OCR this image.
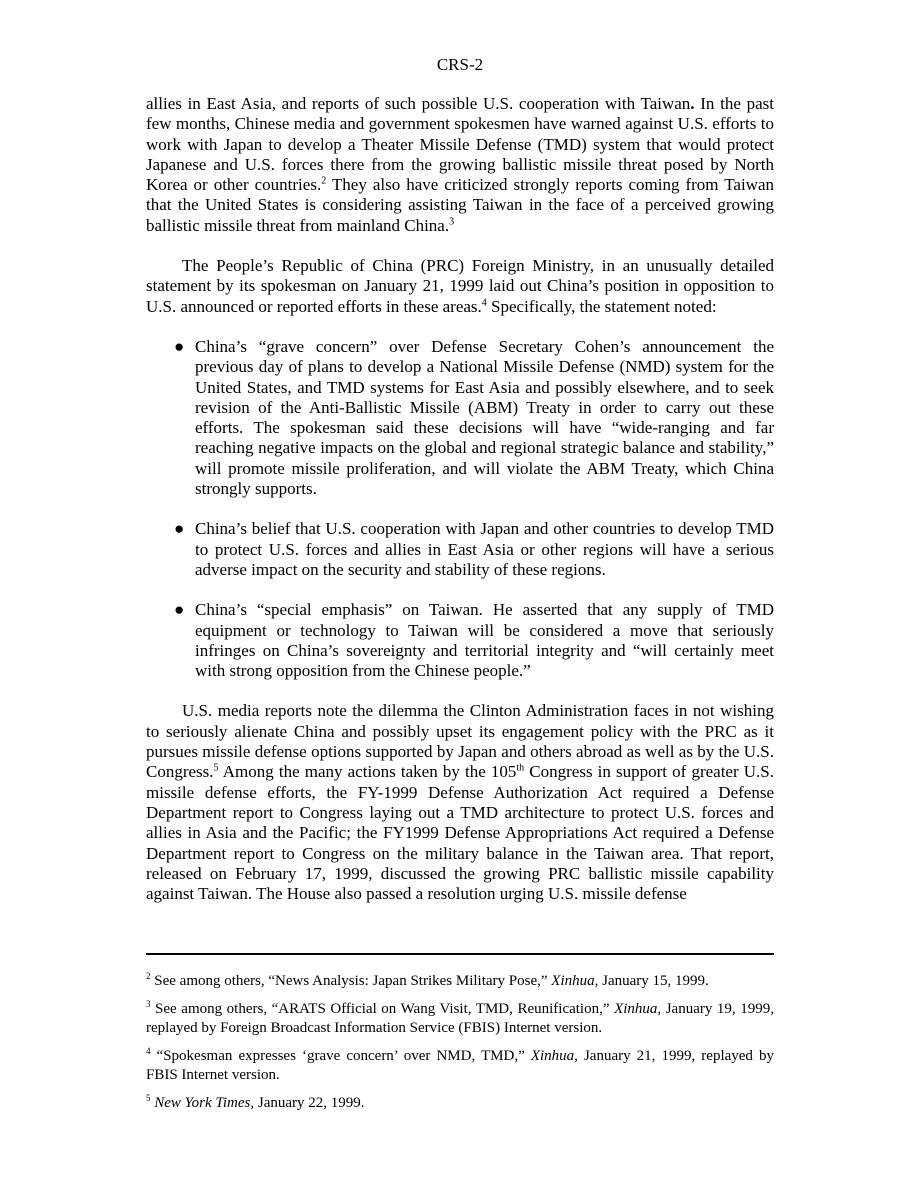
CRS-2

allies in East Asia, and reports of such possible U.S. cooperation with Taiwan. In the past few months, Chinese media and government spokesmen have warned against U.S. efforts to work with Japan to develop a Theater Missile Defense (TMD) system that would protect Japanese and U.S. forces there from the growing ballistic missile threat posed by North Korea or other countries.$^2$ They also have criticized strongly reports coming from Taiwan that the United States is considering assisting Taiwan in the face of a perceived growing ballistic missile threat from mainland China.$^3$

The People’s Republic of China (PRC) Foreign Ministry, in an unusually detailed statement by its spokesman on January 21, 1999 laid out China’s position in opposition to U.S. announced or reported efforts in these areas.$^4$ Specifically, the statement noted:

● China’s “grave concern” over Defense Secretary Cohen’s announcement the previous day of plans to develop a National Missile Defense (NMD) system for the United States, and TMD systems for East Asia and possibly elsewhere, and to seek revision of the Anti-Ballistic Missile (ABM) Treaty in order to carry out these efforts. The spokesman said these decisions will have “wide-ranging and far reaching negative impacts on the global and regional strategic balance and stability,” will promote missile proliferation, and will violate the ABM Treaty, which China strongly supports.
● China’s belief that U.S. cooperation with Japan and other countries to develop TMD to protect U.S. forces and allies in East Asia or other regions will have a serious adverse impact on the security and stability of these regions.
● China’s “special emphasis” on Taiwan. He asserted that any supply of TMD equipment or technology to Taiwan will be considered a move that seriously infringes on China’s sovereignty and territorial integrity and “will certainly meet with strong opposition from the Chinese people.”

U.S. media reports note the dilemma the Clinton Administration faces in not wishing to seriously alienate China and possibly upset its engagement policy with the PRC as it pursues missile defense options supported by Japan and others abroad as well as by the U.S. Congress.$^5$ Among the many actions taken by the 105th Congress in support of greater U.S. missile defense efforts, the FY-1999 Defense Authorization Act required a Defense Department report to Congress laying out a TMD architecture to protect U.S. forces and allies in Asia and the Pacific; the FY1999 Defense Appropriations Act required a Defense Department report to Congress on the military balance in the Taiwan area. That report, released on February 17, 1999, discussed the growing PRC ballistic missile capability against Taiwan. The House also passed a resolution urging U.S. missile defense

$^2$ See among others, “News Analysis: Japan Strikes Military Pose,” Xinhua, January 15, 1999.

$^3$ See among others, “ARATS Official on Wang Visit, TMD, Reunification,” Xinhua, January 19, 1999, replayed by Foreign Broadcast Information Service (FBIS) Internet version.

$^4$ “Spokesman expresses ‘grave concern’ over NMD, TMD,” Xinhua, January 21, 1999, replayed by FBIS Internet version.

$^5$ New York Times, January 22, 1999.
